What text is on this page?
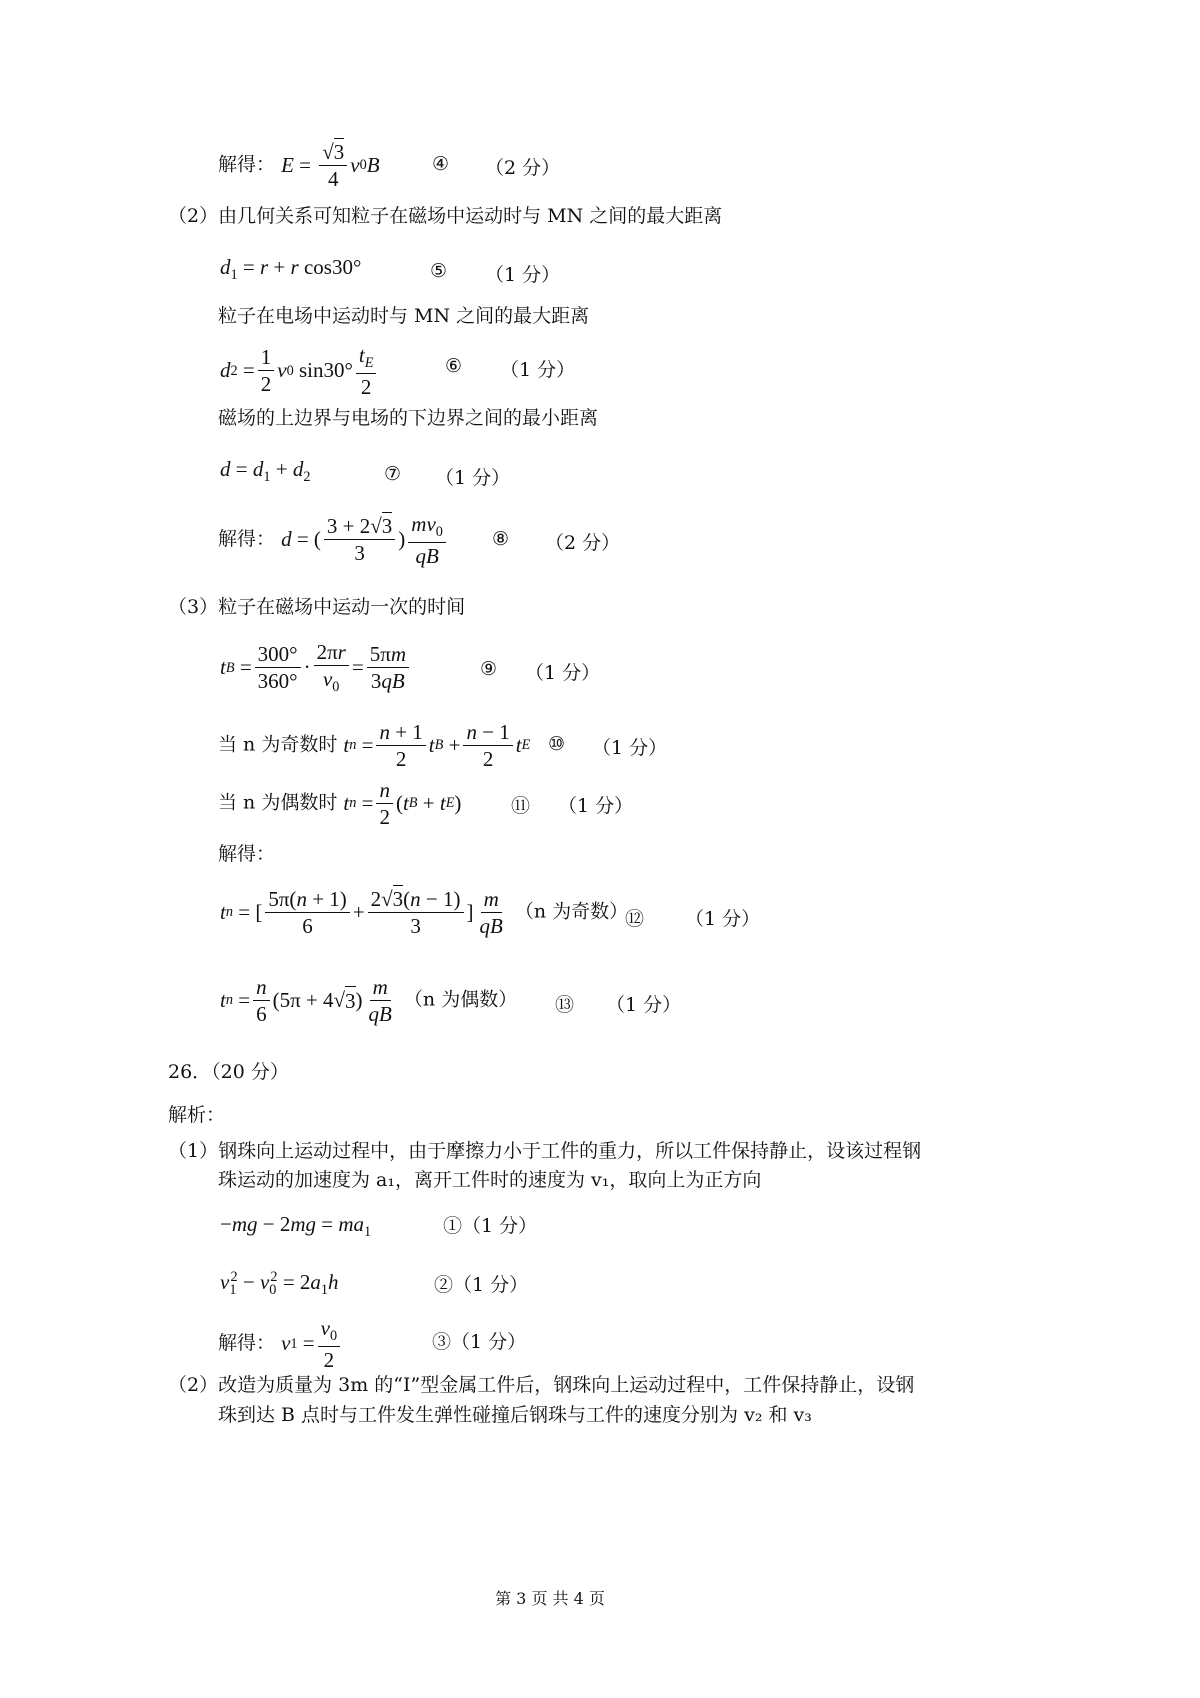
解得： $E = \frac{√3}{4}$ v 0 B	④ （2 分）
（2）由几何关系可知粒子在磁场中运动时与 MN 之间的最大距离
$d_1 = r + r$ cos30°	⑤ （1 分）
粒子在电场中运动时与 MN 之间的最大距离
d $2 = \frac{1}{2}$ v 0 $\sin 30^\circ \frac{t_E}{2}$	⑥ （1 分）
磁场的上边界与电场的下边界之间的最小距离
$d = d_1 + d_2$	⑦ （1 分）
解得： d = ( $\frac{3 + 2√3}{3}$ ) $\frac{mv_0}{qB}$ ⑧ （2 分）
（3）粒子在磁场中运动一次的时间
t $B = \frac{300^\circ}{360^\circ} \cdot \frac{2\pi r}{v_0} = \frac{5\pi m}{3qB}$	⑨ （1 分）
当 n 为奇数时 t $n = \frac{n + 1}{2}$ t $B + \frac{n - 1}{2}$ t E ⑩ （1 分）
当 n 为偶数时 t $n = \frac{n}{2}$ ( t B + t E )	⑪ （1 分）
解得：
t n = [ $\frac{5\pi(n + 1)}{6} + \frac{2√3(n - 1)}{3}$ ] $\frac{m}{qB} (n$ 为奇数）
⑫ （1 分）
t $n = \frac{n}{6} (5\pi + 4√$ 3 ) $\frac{m}{qB} (n$ 为偶数） ⑬ （1 分）
26．（20 分）
解析：
（1）钢珠向上运动过程中，由于摩擦力小于工件的重力，所以工件保持静止，设该过程钢
珠运动的加速度为 a₁，离开工件时的速度为 v₁，取向上为正方向
$-mg - 2mg = ma_1$	①（1 分）
$v_1^2 - v_0^2 = 2a_1h$	②（1 分）
解得： v $1 = \frac{v_0}{2}$	③（1 分）
（2）改造为质量为 3m 的“I”型金属工件后，钢珠向上运动过程中，工件保持静止，设钢
珠到达 B 点时与工件发生弹性碰撞后钢珠与工件的速度分别为 v₂ 和 v₃
第 3 页 共 4 页
